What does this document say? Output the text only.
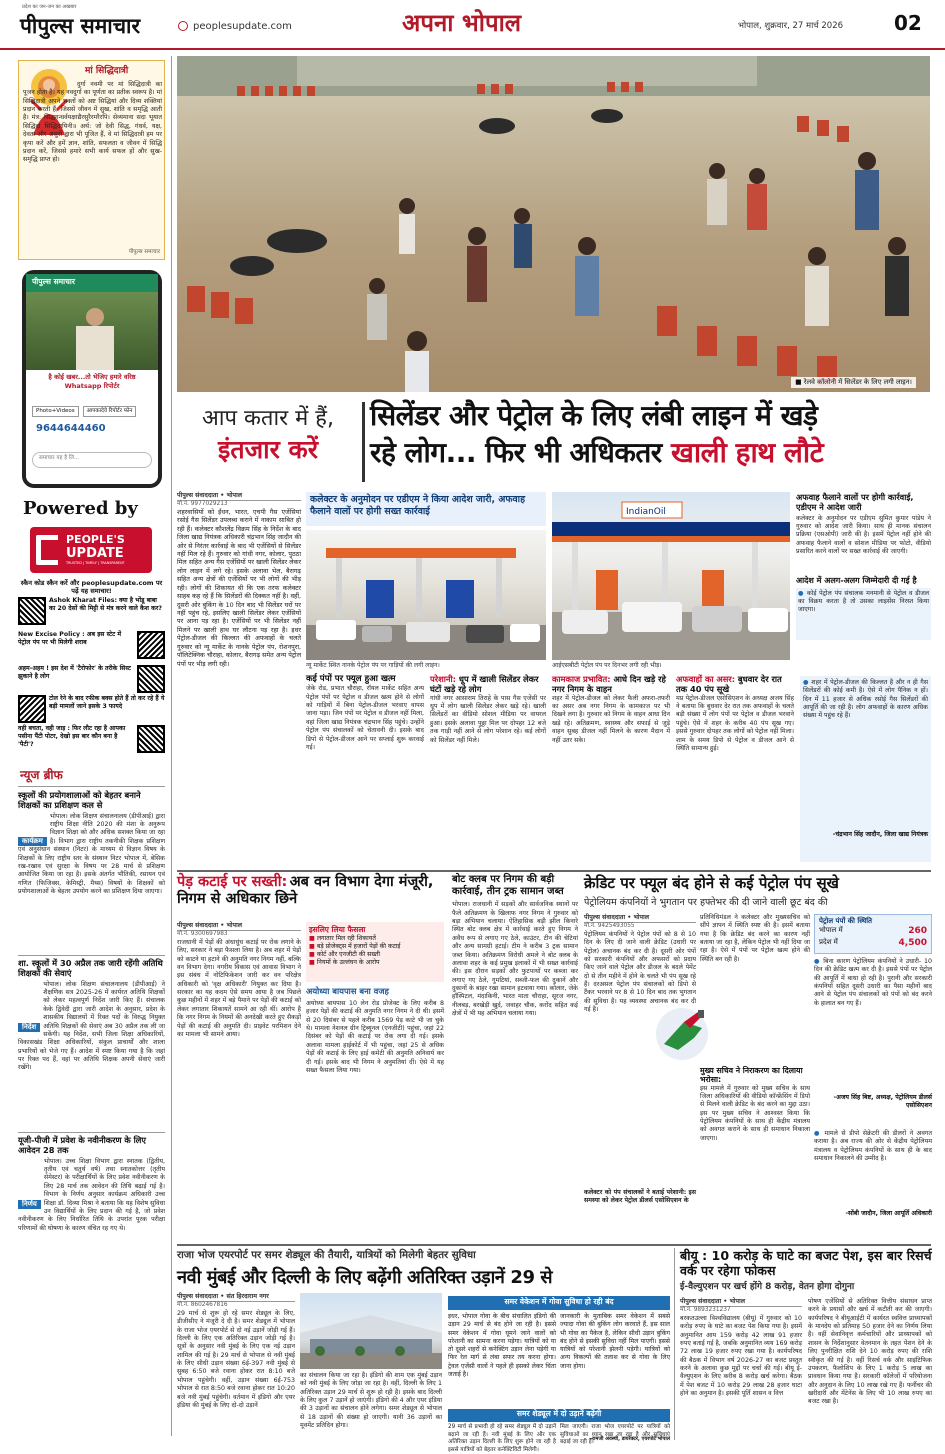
प्रदेश का जन-जन का अखबार
पीपुल्स समाचार	peoplesupdate.com	अपना भोपाल	भोपाल, शुक्रवार, 27 मार्च 2026	02
मां सिद्धिदात्री
दुर्गा नवमी पर मां सिद्धिदात्री का पूजन होता है। यह नवदुर्गा का पूर्णता का प्रतीक स्वरूप है। मां सिद्धिदात्री अपने भक्तों को अष्ट सिद्धियां और दिव्य शक्तियां प्रदान करती हैं, जिससे जीवन में सुख, शांति व समृद्धि आती है। मंत्र: सिद्धगन्धर्वयक्षाद्यैरसुरैरमरैरपि। सेव्यमाना सदा भूयात सिद्धिदा सिद्धिदायिनी॥ अर्थ: जो देवी सिद्ध, गंधर्व, यक्ष, देवता और असुरों द्वारा भी पूजित हैं, वे मां सिद्धिदात्री हम पर कृपा करें और हमें ज्ञान, शांति, सफलता व जीवन में सिद्धि प्रदान करें, जिससे हमारे सभी कार्य सफल हों और सुख-समृद्धि प्राप्त हो।
पीपुल्स समाचार
पीपुल्स समाचार
है कोई खबर...तो भेजिए हमारे वरिष्ठ Whatsapp रिपोर्टर
Photo+Videos	आपकादेवे रिपोर्टर फोन
9644644460
समाचार यह है लि...
Powered by
PEOPLE'S
UPDATE
TRUSTED | TIMELY | TRANSPARENT
स्कैन कोड स्कैन करें और peoplesupdate.com पर पढ़ें यह समाचार!
Ashok Kharat Files: क्या है भोंडू बाबा का 20 देसों की मिट्टी से मंत्र करने वाले कैश कर?
New Excise Policy : अब इस स्टेट में पेट्रोल पंप पर भी मिलेगी शराब
अहम-अहम ! इस देश में 'टैरोफोर' के तरीके सिस्ट झुकाने है लोग
टोल रेने के बाद रफीक बक्स होते हैं तो कर रहे हैं ये बड़ी मामलों जाने इसके 3 फायदे
वही बचता, वही जाइ : फिर लौट रहा है आपका पसीना पैंटी पोटर, देखो इस बार कौन बना है 'पैटी'?
न्यूज ब्रीफ
स्कूलों की प्रयोगशालाओं को बेहतर बनाने शिक्षकों का प्रशिक्षण कल से
कार्यक्रम
भोपाल। लोक शिक्षण संचालनालय (डीपीआई) द्वारा राष्ट्रीय शिक्षा नीति 2020 की मंशा के अनुरूप विज्ञान शिक्षा को और अधिक सशक्त किया जा रहा है। विभाग द्वारा राष्ट्रीय तकनीकी शिक्षक प्रशिक्षण एवं अनुसंधान संस्थान (निटर) के माध्यम से विज्ञान विषय के शिक्षकों के लिए राष्ट्रीय स्तर के संस्थान निटर भोपाल में, बेसिक रख-रखाव एवं सुरक्षा के विषय पर 28 मार्च से प्रशिक्षण आयोजित किया जा रहा है। इसके अंतर्गत भौतिकी, रसायन एवं गणित (फिजिक्स, केमिस्ट्री, मैथ्स) विषयों के शिक्षकों को प्रयोगशालाओं के बेहतर उपयोग करने का प्रशिक्षण दिया जाएगा।
शा. स्कूलों में 30 अप्रैल तक जारी रहेंगी अतिथि शिक्षकों की सेवाएं
निर्देश
भोपाल। लोक शिक्षण संचालनालय (डीपीआई) ने शैक्षणिक सत्र 2025-26 में कार्यरत अतिथि शिक्षकों को लेकर महत्वपूर्ण निर्देश जारी किए हैं। संचालक केके द्विवेदी द्वारा जारी आदेश के अनुसार, प्रदेश के शासकीय विद्यालयों में रिक्त पदों के विरुद्ध नियुक्त अतिथि शिक्षकों की सेवाएं अब 30 अप्रैल तक ली जा सकेंगी। यह निर्देश, सभी जिला शिक्षा अधिकारियों, विकासखंड शिक्षा अधिकारियों, संकुल प्राचार्यों और शाला प्रभारियों को भेजे गए हैं। आदेश में स्पष्ट किया गया है कि जहां पर रिक्त पद हैं, वहां पर अतिथि शिक्षक अपनी सेवाएं जारी रखेंगे।
यूजी-पीजी में प्रवेश के नवीनीकरण के लिए आवेदन 28 तक
निर्णय
भोपाल। उच्च शिक्षा विभाग द्वारा स्नातक (द्वितीय, तृतीय एवं चतुर्थ वर्ष) तथा स्नातकोत्तर (तृतीय सेमेस्टर) के परीक्षार्थियों के लिए प्रवेश नवीनीकरण के लिए 28 मार्च तक आवेदन की तिथि बढ़ाई गई है। विभाग के निर्णय अनुसार कार्यक्रम अधिकारी उच्च शिक्षा डॉ. दिव्या मिश्रा ने बताया कि यह विशेष सुविधा उन विद्यार्थियों के लिए प्रदान की गई है, जो प्रवेश नवीनीकरण के लिए निर्धारित तिथि के उपरांत पूरक परीक्षा परिणामों की घोषणा के कारण वंचित रह गए थे।
■ रेलवे कॉलोनी में सिलेंडर के लिए लगी लाइन।
आप कतार में हैं,
इंतजार करें
सिलेंडर और पेट्रोल के लिए लंबी लाइन में खड़े
रहे लोग... फिर भी अधिकतर खाली हाथ लौटे
पीपुल्स संवाददाता • भोपाल
मो.नं. 9977029213
शहरवासियों को ईंधन, भारत, एचपी गैस एजेंसियां रसोई गैस सिलेंडर उपलब्ध कराने में नाकाम साबित हो रही हैं। कलेक्टर कौशलेंद्र विक्रम सिंह के निर्देश के बाद जिला खाद्य नियंत्रक अधिकारी चंद्रभान सिंह जादौन की ओर से निरंतर कार्रवाई के बाद भी एजेंसियों से सिलेंडर नहीं मिल रहे हैं। गुरुवार को गांधी नगर, कोलार, पुठठा मिल सहित अन्य गैस एजेंसियों पर खाली सिलेंडर लेकर लोग लाइन में लगे रहे। इसके अलावा भेल, बैरागढ़ सहित अन्य क्षेत्रों की एजेंसियों पर भी लोगों की भीड़ रही। लोगों की शिकायत थी कि एक तरफ कलेक्टर साहब कह रहे हैं कि सिलेंडरों की दिक्कत नहीं है। वहीं, दूसरी ओर बुकिंग के 10 दिन बाद भी सिलेंडर घरों पर नहीं पहुंच रहे, इसलिए खाली सिलेंडर लेकर एजेंसियों पर आना पड़ रहा है। एजेंसियों पर भी सिलेंडर नहीं मिलने पर खाली हाथ घर लौटना पड़ रहा है। इधर पेट्रोल-डीजल की किल्लत की अफवाहों के चलते गुरुवार को न्यू मार्केट के नानके पेट्रोल पंप, रोशनपुरा, पॉलिटेक्निक चौराहा, कोलार, बैरागढ़ समेत अन्य पेट्रोल पंपों पर भीड़ लगी रही।
कलेक्टर के अनुमोदन पर एडीएम ने किया आदेश जारी, अफवाह फैलाने वालों पर होगी सख्त कार्रवाई
न्यू मार्केट स्थित नानके पेट्रोल पंप पर गाड़ियों की लगी लाइन।
IndianOil
आईएसबीटी पेट्रोल पंप पर दिनभर लगी रही भीड़।
अफवाह फैलाने वालों पर होगी कार्रवाई, एडीएम ने आदेश जारी
कलेक्टर के अनुमोदन पर एडीएम सुमित कुमार पांडेय ने गुरुवार को आदेश जारी किया। साथ ही मानक संचालन प्रक्रिया (एसओपी) जारी की है। इसमें पेट्रोल नहीं होने की अफवाह फैलाने वालों व सोशल मीडिया पर फोटो, वीडियो प्रसारित करने वालों पर सख्त कार्रवाई की जाएगी।
आदेश में अलग-अलग जिम्मेदारी दी गई है
● कोई पेट्रोल पंप संचालक मनमानी से पेट्रोल व डीजल का विक्रय करता है तो उसका लाइसेंस निरस्त किया जाएगा।
कई पंपों पर फ्यूल हुआ खत्म
जेके रोड, प्रभात चौराहा, रॉयल मार्केट सहित अन्य पेट्रोल पंपों पर पेट्रोल व डीजल खत्म होने से लोगों को गाड़ियों में बिना पेट्रोल-डीजल भरवाए वापस जाना पड़ा। जिन पंपों पर पेट्रोल व डीजल नहीं मिला, वहां जिला खाद्य नियंत्रक चंद्रभान सिंह पहुंचे। उन्होंने पेट्रोल पंप संचालकों को चेतावनी दी। इसके बाद डिपो से पेट्रोल-डीजल आने पर सप्लाई शुरू करवाई गई।
परेशानी: धूप में खाली सिलेंडर लेकर घंटों खड़े रहे लोग
गांधी नगर आसाराम तिराहे के पास गैस एजेंसी पर धूप में लोग खाली सिलेंडर लेकर खड़े रहे। खाली सिलेंडरों का वीडियो सोशल मीडिया पर वायरल हुआ। इसके अलावा पुठ्ठा मिल पर दोपहर 12 बजे तक गाड़ी नहीं आने से लोग परेशान रहे। कई लोगों को सिलेंडर नहीं मिले।
कामकाज प्रभावित: आधे दिन खड़े रहे नगर निगम के वाहन
शहर में पेट्रोल-डीजल को लेकर फैली अफरा-तफरी का असर अब नगर निगम के कामकाज पर भी दिखने लगा है। गुरुवार को निगम के वाहन आधा दिन खड़े रहे। अतिक्रमण, स्वास्थ्य और सफाई से जुड़े वाहन सुबह डीजल नहीं मिलने के कारण मैदान में नहीं उतर सके।
अफवाहों का असर: बुधवार देर रात तक 40 पंप सूखे
मप्र पेट्रोल-डीजल एसोसिएशन के अध्यक्ष अजय सिंह ने बताया कि बुधवार देर रात तक अफवाहों के चलते बड़ी संख्या में लोग पंपों पर पेट्रोल व डीजल भरवाने पहुंचे। ऐसे में शहर के करीब 40 पंप सूख गए। इससे गुरुवार दोपहर तक लोगों को पेट्रोल नहीं मिला। शाम के समय डिपो से पेट्रोल व डीजल आने से स्थिति सामान्य हुई।
● शहर में पेट्रोल-डीजल की किल्लत है और न ही गैस सिलेंडरों की कोई कमी है। ऐसे में लोग पैनिक न हों। दिन में 11 हजार से अधिक रसोई गैस सिलेंडरों की आपूर्ति की जा रही है। लोग अफवाहों के कारण अधिक संख्या में पहुंच रहे हैं।
-चंद्रभान सिंह जादौन, जिला खाद्य नियंत्रक
पेड़ कटाई पर सख्ती: अब वन विभाग देगा मंजूरी, निगम से अधिकार छिने
पीपुल्स संवाददाता • भोपाल
मो.नं. 9300697983
राजधानी में पेड़ों की अंधाधुंध कटाई पर रोक लगाने के लिए, सरकार ने बड़ा फैसला लिया है। अब शहर में पेड़ों को काटने या हटाने की अनुमति नगर निगम नहीं, बल्कि वन विभाग देगा। नगरीय विकास एवं आवास विभाग ने इस संबंध में नोटिफिकेशन जारी कर वन परिक्षेत्र अधिकारी को 'वृक्ष अधिकारी' नियुक्त कर दिया है। सरकार का यह कदम ऐसे समय आया है जब पिछले कुछ महीनों में शहर में बड़े पैमाने पर पेड़ों की कटाई को लेकर लगातार शिकायतें सामने आ रही थीं। आरोप है कि नगर निगम के नियमों की अनदेखी करते हुए सैकड़ों पेड़ों की कटाई की अनुमति दी। प्राइवेट परमिशन देने का मामला भी सामने आया।
इसलिए लिया फैसला
■ लगातार मिल रही शिकायतें
■ बड़े प्रोजेक्ट्स में हजारों पेड़ों की कटाई
■ कोर्ट और एनजीटी की सख्ती
■ नियमों के उल्लंघन के आरोप
अयोध्या बायपास बना वजह
अयोध्या बायपास 10 लेन रोड प्रोजेक्ट के लिए करीब 8 हजार पेड़ों की कटाई की अनुमति नगर निगम ने दी थी। इसमें से 20 दिसंबर से पहले करीब 1569 पेड़ काटे भी जा चुके थे। मामला नेशनल ग्रीन ट्रिब्यूनल (एनजीटी) पहुंचा, जहां 22 दिसंबर को पेड़ों की कटाई पर रोक लगा दी गई। इसके अलावा मामला हाईकोर्ट में भी पहुंचा, जहां 25 से अधिक पेड़ों की कटाई के लिए हाई कमेटी की अनुमति अनिवार्य कर दी गई। इसके बाद भी निगम ने अनुमतियां दीं। ऐसे में यह सख्त फैसला लिया गया।
बोट क्लब पर निगम की बड़ी कार्रवाई, तीन ट्रक सामान जब्त
भोपाल। राजधानी में सड़कों और सार्वजनिक स्थानों पर फैले अतिक्रमण के खिलाफ नगर निगम ने गुरुवार को बड़ा अभियान चलाया। ऐतिहासिक बड़ी झील किनारे स्थित बोट क्लब क्षेत्र में कार्रवाई करते हुए निगम ने अवैध रूप से लगाए गए ठेले, काउंटर, टीन की चेटियां और अन्य सामग्री हटाई। टीम ने करीब 3 ट्रक सामान जब्त किया। अतिक्रमण विरोधी अमले ने बोट क्लब के अलावा शहर के कई प्रमुख इलाकों में भी सख्त कार्रवाई की। इस दौरान सड़कों और फुटपाथों पर कब्जा कर लगाए गए ठेले, गुमटियां, सब्जी-फल की दुकानें और दुकानों के बाहर रखा सामान हटवाया गया। कोलार, जेके हॉस्पिटल, मंदाकिनी, भारत माता चौराहा, सूरज नगर, नीलबड़, बरखेड़ी खुर्द, जवाहर चौक, करोंद सहित कई क्षेत्रों में भी यह अभियान चलाया गया।
क्रेडिट पर फ्यूल बंद होने से कई पेट्रोल पंप सूखे
पेट्रोलियम कंपनियों ने भुगतान पर हफ्तेभर की दी जाने वाली छूट बंद की
पीपुल्स संवाददाता • भोपाल
मो.नं. 9425493055
पेट्रोलियम कंपनियों ने पेट्रोल पंपों को 8 से 10 दिन के लिए दी जाने वाली क्रेडिट (उधारी पर पेट्रोल) अचानक बंद कर दी है। दूसरी ओर पंपों को सरकारी कंपनियों और अफसरों को प्रदाय किए जाने वाले पेट्रोल और डीजल के बदले पेमेंट दो से तीन महीने में होने के चलते भी पंप सूख रहे हैं। दरअसल पेट्रोल पंप संचालकों को डिपो से टैंकर भरवाने पर 8 से 10 दिन बाद तक भुगतान की सुविधा है। यह व्यवस्था अचानक बंद कर दी गई है।
कलेक्टर को पंप संचालकों ने बताई परेशानी: इस समस्या को लेकर पेट्रोल डीलर्स एसोसिएशन के
प्रतिनिधिमंडल ने कलेक्टर और मुख्यसचिव को सौंपे ज्ञापन में स्थिति स्पष्ट की है। इसमें बताया गया है कि क्रेडिट बंद करने का कारण नहीं बताया जा रहा है, लेकिन पेट्रोल भी नहीं दिया जा रहा है। ऐसे में पंपों पर पेट्रोल खत्म होने की स्थिति बन रही है।
मुख्य सचिव ने निराकरण का दिलाया भरोसा:
इस मामले में गुरुवार को मुख्य सचिव के साथ जिला अधिकारियों की वीडियो कॉन्फ्रेंसिंग में डिपो से मिलने वाली क्रेडिट के बंद करने का मुद्दा उठा। इस पर मुख्य सचिव ने आश्वस्त किया कि पेट्रोलियम कंपनियों के साथ ही केंद्रीय मंत्रालय को अवगत कराने के साथ ही समाधान निकाला जाएगा।
पेट्रोल पंपों की स्थिति
भोपाल में	260
प्रदेश में	4,500
● बिना कारण पेट्रोलियम कंपनियों ने उधारी- 10 दिन की क्रेडिट खत्म कर दी है। इससे पंपों पर पेट्रोल की आपूर्ति में बाधा हो रही है। पुरानी और सरकारी कंपनियों सहित दूसरी उधारी का पैसा महीनों बाद आने से पेट्रोल पंप संचालकों को पंपों को बंद करने के हालात बन गए हैं।
-अजय सिंह बिष्ट, अध्यक्ष, पेट्रोलियम डीलर्स एसोसिएशन
● मामले से डीपो सेक्रेटरी की डीलरों ने अवगत कराया है। अब राज्य की ओर से केंद्रीय पेट्रोलियम मंत्रालय व पेट्रोलियम कंपनियों के साथ ही के बाद समाधान निकालने की उम्मीद है।
-सोंबी जादौन, जिला आपूर्ति अधिकारी
राजा भोज एयरपोर्ट पर समर शेड्यूल की तैयारी, यात्रियों को मिलेगी बेहतर सुविधा
नवी मुंबई और दिल्ली के लिए बढ़ेंगी अतिरिक्त उड़ानें 29 से
पीपुल्स संवाददाता • संत हिरदाराम नगर
मो.नं. 8602467816
29 मार्च से शुरू हो रहे समर शेड्यूल के लिए, डीजीसीए ने मंजूरी दे दी है। समर शेड्यूल में भोपाल के राजा भोज एयरपोर्ट से दो नई उड़ानें जोड़ी गई हैं। दिल्ली के लिए एक अतिरिक्त उड़ान जोड़ी गई है। सूत्रों के अनुसार नवी मुंबई के लिए एक नई उड़ान शामिल की गई है। 29 मार्च से भोपाल से नवी मुंबई के लिए सीधी उड़ान संख्या 6ई-397 नवी मुंबई से सुबह 6:50 बजे रवाना होकर रात 8:10 बजे भोपाल पहुंचेगी। वहीं, उड़ान संख्या 6ई-753 भोपाल से रात 8:50 बजे रवाना होकर रात 10:20 बजे नवी मुंबई पहुंचेगी। वर्तमान में इंडिगो और एयर इंडिया की मुंबई के लिए दो-दो उड़ानें
का संचालन किया जा रहा है। इंडिगो की शाम एक मुंबई उड़ान को नवी मुंबई के लिए जोड़ा जा रहा है। वहीं, दिल्ली के लिए 1 अतिरिक्त उड़ान 29 मार्च से शुरू हो रही है। इसके बाद दिल्ली के लिए कुल 7 उड़ानें हो जाएंगी। इंडिगो की 4 और एयर इंडिया की 3 उड़ानों का संचालन होने लगेगा। समर शेड्यूल से भोपाल से 18 उड़ानों की संख्या हो जाएगी। यानी 36 उड़ानों का मूवमेंट प्रतिदिन होगा।
समर वेकेशन में गोवा सुविधा हो रही बंद
इधर, भोपाल गोवा के बीच संचालित इंडिगो की उड़ान 29 मार्च से बंद होने जा रही है। इससे समर वेकेशन में गोवा घूमने जाने वालों को परेशानी का सामना करना पड़ेगा। यात्रियों को या तो दूसरे शहरों से कनेक्टिंग उड़ान लेना पड़ेगी या फिर रेल मार्ग से लंबा सफर तय करना होगा। ट्रेवल एजेंसी वालों ने पहले ही इसको लेकर चिंता जताई है।
जानकारी के मुताबिक समर वेकेशन में सबसे ज्यादा गोवा की बुकिंग लोग करवाते हैं, इस साल भी गोवा का पैकेज है, लेकिन सीधी उड़ान बुकिंग बंद होने से इसकी सुविधा नहीं मिल पाएगी। इससे यात्रियों को परेशानी झेलनी पड़ेगी। यात्रियों को अन्य विकल्पों की तलाश कर से गोवा के लिए जाना होगा।
समर शेड्यूल में दो उड़ानें बढ़ेंगी
29 मार्च से प्रभावी हो रहे समर शेड्यूल में दो उड़ानें बढ़ाने जा रही हैं। नवी मुंबई के लिए और एक अतिरिक्त उड़ान दिल्ली के लिए शुरू होने जा रही है इससे यात्रियों को बेहतर कनेक्टिविटी मिलेगी।
मिल जाएगी। राजा भोज एयरपोर्ट पर यात्रियों को सुविधाओं का ध्यान रखा जा रहा है और सुविधाएं बढ़ाई जा रही हैं।
-रामजी अवस्थी, डायरेक्टर, एयरपोर्ट भोपाल
बीयू : 10 करोड़ के घाटे का बजट पेश, इस बार रिसर्च वर्क पर रहेगा फोकस
ई-वैल्युएशन पर खर्च होंगे 8 करोड़, वेतन होगा दोगुना
पीपुल्स संवाददाता • भोपाल
मो.नं. 9893231237
बरकतउल्ला विश्वविद्यालय (बीयू) में गुरुवार को 10 करोड़ रुपए के घाटे का बजट पेश किया गया है। इसमें अनुमानित आय 159 करोड़ 42 लाख 91 हजार रुपए बताई गई है, जबकि अनुमानित व्यय 169 करोड़ 72 लाख 19 हजार रुपए रखा गया है। कार्यपरिषद की बैठक में विभाग वर्ष 2026-27 का बजट प्रस्तुत करने के अलावा कुछ मुद्दों पर चर्चा की गई। बीयू ई-वैल्युएशन के लिए करीब 8 करोड़ खर्च करेगा। बैठक में पेश बजट में 10 करोड़ 29 लाख 28 हजार घाटा होने का अनुमान है। इसकी पूर्ति शासन व वित्त
पोषण एजेंसियों से अतिरिक्त वित्तीय संसाधन प्राप्त करने के प्रयासों और खर्च में कटौती कर की जाएगी। कार्यपरिषद ने बीयूआईटी में कार्यरत स्ववित्त प्राध्यापकों के मानदेय को प्रतिमाह 50 हजार देने का निर्णय लिया है। वहीं सेवानिवृत्त कर्मचारियों और प्राध्यापकों को शासन के निर्देशानुसार वेतनमान के तहत पेंशन देने के लिए पुनरीक्षित राशि देने 10 करोड़ रुपए की राशि स्वीकृत की गई है। वहीं रिसर्च वर्क और साइंटिफिक उपकरण, फैलोशिप के लिए 1 करोड़ 5 लाख का प्रावधान किया गया है। सरकारी कॉलेजों में परियोजना और अनुदान के लिए 10 लाख रखे गए हैं। फर्नीचर की खरीदारी और मेंटेनेंस के लिए भी 10 लाख रुपए का बजट रखा है।
